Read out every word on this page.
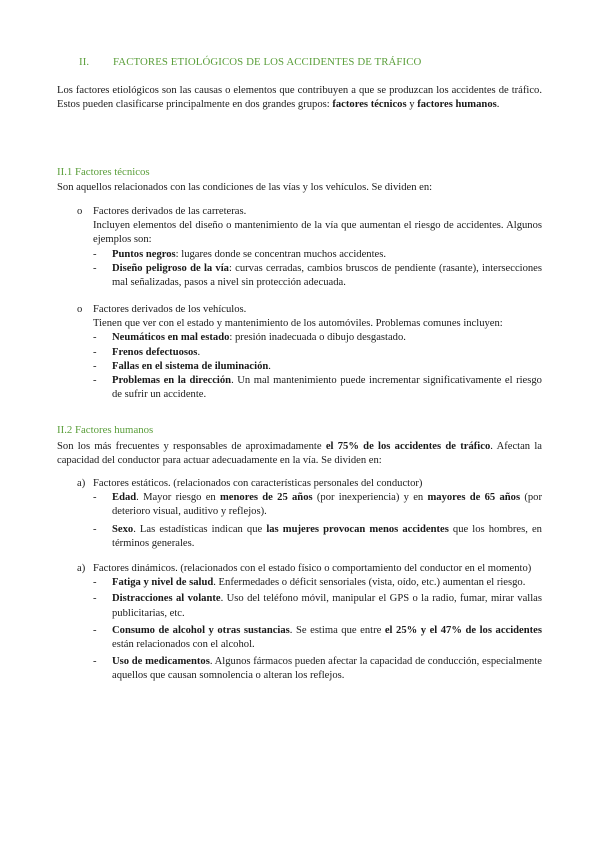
II. FACTORES ETIOLÓGICOS DE LOS ACCIDENTES DE TRÁFICO
Los factores etiológicos son las causas o elementos que contribuyen a que se produzcan los accidentes de tráfico. Estos pueden clasificarse principalmente en dos grandes grupos: factores técnicos y factores humanos.
II.1 Factores técnicos
Son aquellos relacionados con las condiciones de las vías y los vehículos. Se dividen en:
o Factores derivados de las carreteras.
Incluyen elementos del diseño o mantenimiento de la vía que aumentan el riesgo de accidentes. Algunos ejemplos son:
- Puntos negros: lugares donde se concentran muchos accidentes.
- Diseño peligroso de la vía: curvas cerradas, cambios bruscos de pendiente (rasante), intersecciones mal señalizadas, pasos a nivel sin protección adecuada.
o Factores derivados de los vehículos.
Tienen que ver con el estado y mantenimiento de los automóviles. Problemas comunes incluyen:
- Neumáticos en mal estado: presión inadecuada o dibujo desgastado.
- Frenos defectuosos.
- Fallas en el sistema de iluminación.
- Problemas en la dirección. Un mal mantenimiento puede incrementar significativamente el riesgo de sufrir un accidente.
II.2 Factores humanos
Son los más frecuentes y responsables de aproximadamente el 75% de los accidentes de tráfico. Afectan la capacidad del conductor para actuar adecuadamente en la vía. Se dividen en:
a) Factores estáticos. (relacionados con características personales del conductor)
- Edad. Mayor riesgo en menores de 25 años (por inexperiencia) y en mayores de 65 años (por deterioro visual, auditivo y reflejos).
- Sexo. Las estadísticas indican que las mujeres provocan menos accidentes que los hombres, en términos generales.
a) Factores dinámicos. (relacionados con el estado físico o comportamiento del conductor en el momento)
- Fatiga y nivel de salud. Enfermedades o déficit sensoriales (vista, oído, etc.) aumentan el riesgo.
- Distracciones al volante. Uso del teléfono móvil, manipular el GPS o la radio, fumar, mirar vallas publicitarias, etc.
- Consumo de alcohol y otras sustancias. Se estima que entre el 25% y el 47% de los accidentes están relacionados con el alcohol.
- Uso de medicamentos. Algunos fármacos pueden afectar la capacidad de conducción, especialmente aquellos que causan somnolencia o alteran los reflejos.
